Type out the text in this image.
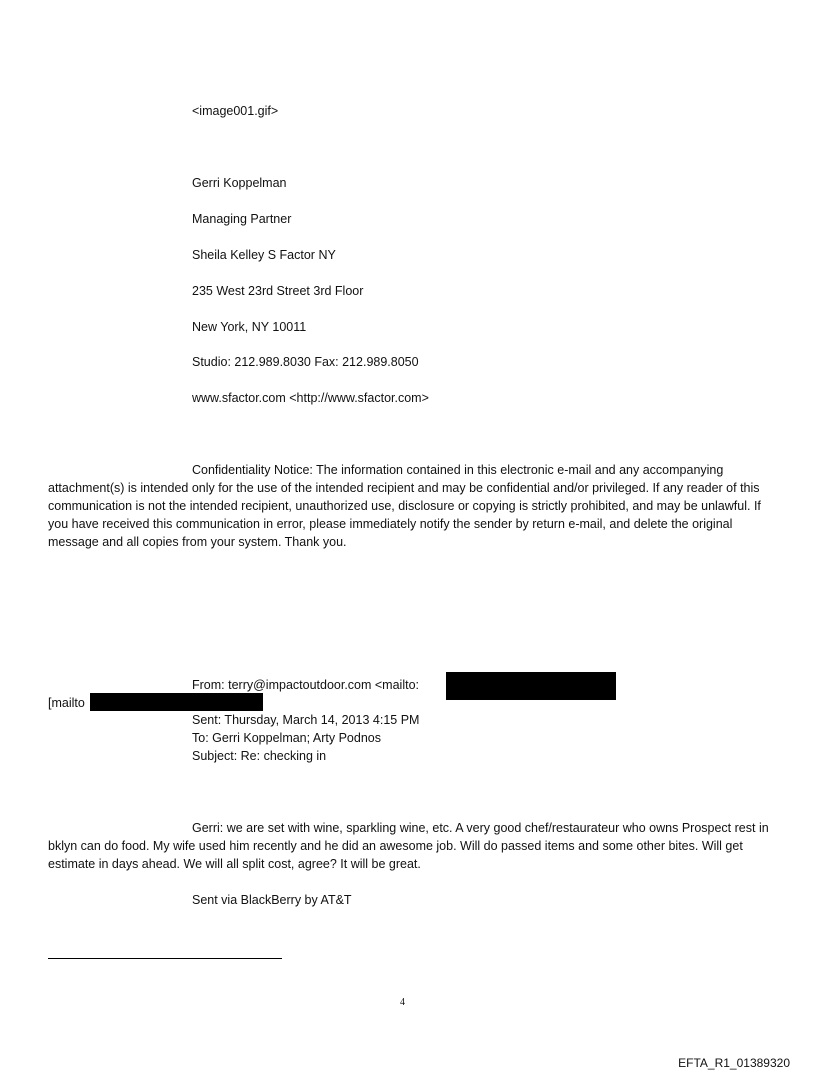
<image001.gif>
Gerri Koppelman
Managing Partner
Sheila Kelley S Factor NY
235 West 23rd Street 3rd Floor
New York, NY 10011
Studio: 212.989.8030 Fax: 212.989.8050
www.sfactor.com <http://www.sfactor.com>
Confidentiality Notice: The information contained in this electronic e-mail and any accompanying attachment(s) is intended only for the use of the intended recipient and may be confidential and/or privileged. If any reader of this communication is not the intended recipient, unauthorized use, disclosure or copying is strictly prohibited, and may be unlawful. If you have received this communication in error, please immediately notify the sender by return e-mail, and delete the original message and all copies from your system. Thank you.
From: terry@impactoutdoor.com <mailto:
[mailto
Sent: Thursday, March 14, 2013 4:15 PM
To: Gerri Koppelman; Arty Podnos
Subject: Re: checking in
Gerri: we are set with wine, sparkling wine, etc. A very good chef/restaurateur who owns Prospect rest in bklyn can do food. My wife used him recently and he did an awesome job. Will do passed items and some other bites. Will get estimate in days ahead. We will all split cost, agree? It will be great.
Sent via BlackBerry by AT&T
4
EFTA_R1_01389320
